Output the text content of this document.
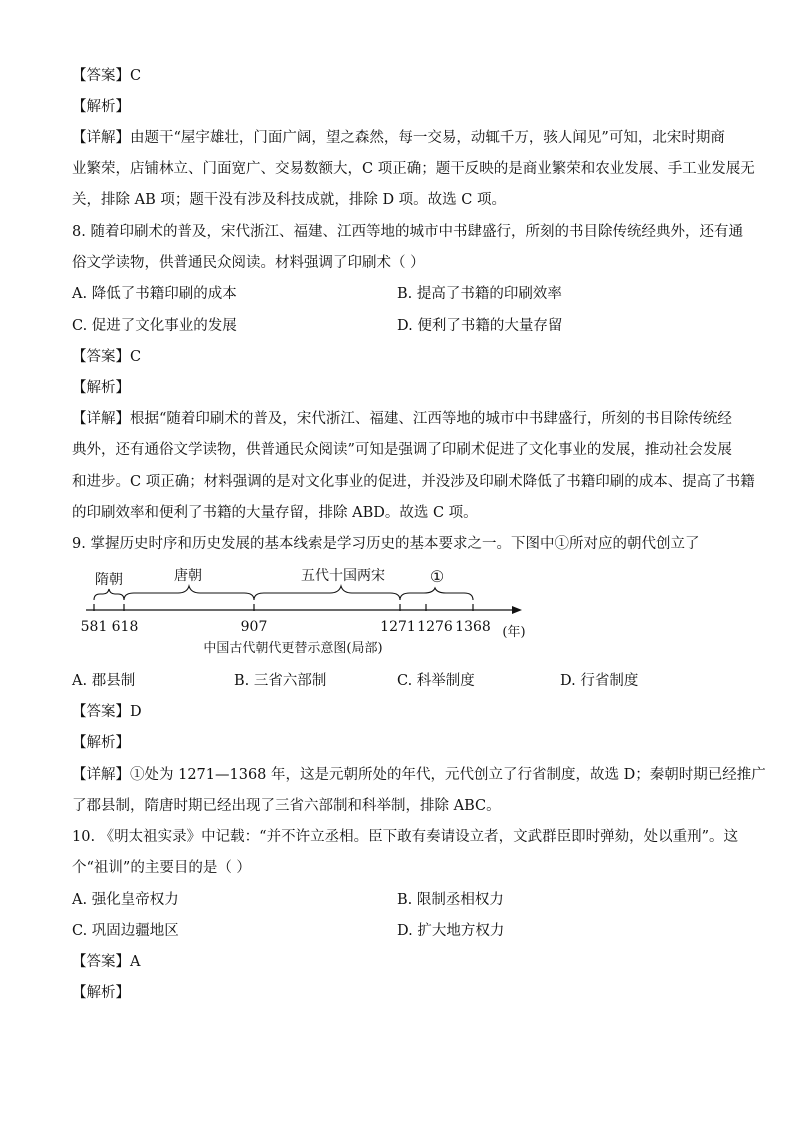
【答案】C
【解析】
【详解】由题干“屋宇雄壮，门面广阔，望之森然，每一交易，动辄千万，骇人闻见”可知，北宋时期商
业繁荣，店铺林立、门面宽广、交易数额大，C 项正确；题干反映的是商业繁荣和农业发展、手工业发展无
关，排除 AB 项；题干没有涉及科技成就，排除 D 项。故选 C 项。
8. 随着印刷术的普及，宋代浙江、福建、江西等地的城市中书肆盛行，所刻的书目除传统经典外，还有通
俗文学读物，供普通民众阅读。材料强调了印刷术（ ）
A. 降低了书籍印刷的成本	B. 提高了书籍的印刷效率
C. 促进了文化事业的发展	D. 便利了书籍的大量存留
【答案】C
【解析】
【详解】根据“随着印刷术的普及，宋代浙江、福建、江西等地的城市中书肆盛行，所刻的书目除传统经
典外，还有通俗文学读物，供普通民众阅读”可知是强调了印刷术促进了文化事业的发展，推动社会发展
和进步。C 项正确；材料强调的是对文化事业的促进，并没涉及印刷术降低了书籍印刷的成本、提高了书籍
的印刷效率和便利了书籍的大量存留，排除 ABD。故选 C 项。
9. 掌握历史时序和历史发展的基本线索是学习历史的基本要求之一。下图中①所对应的朝代创立了
隋朝	唐朝	五代十国两宋	①
581 618	907	1271 1276 1368 (年)
中国古代朝代更替示意图(局部)
A. 郡县制	B. 三省六部制	C. 科举制度	D. 行省制度
【答案】D
【解析】
【详解】①处为 1271—1368 年，这是元朝所处的年代，元代创立了行省制度，故选 D；秦朝时期已经推广
了郡县制，隋唐时期已经出现了三省六部制和科举制，排除 ABC。
10. 《明太祖实录》中记载：“并不许立丞相。臣下敢有奏请设立者，文武群臣即时弹劾，处以重刑”。这
个“祖训”的主要目的是（ ）
A. 强化皇帝权力	B. 限制丞相权力
C. 巩固边疆地区	D. 扩大地方权力
【答案】A
【解析】
